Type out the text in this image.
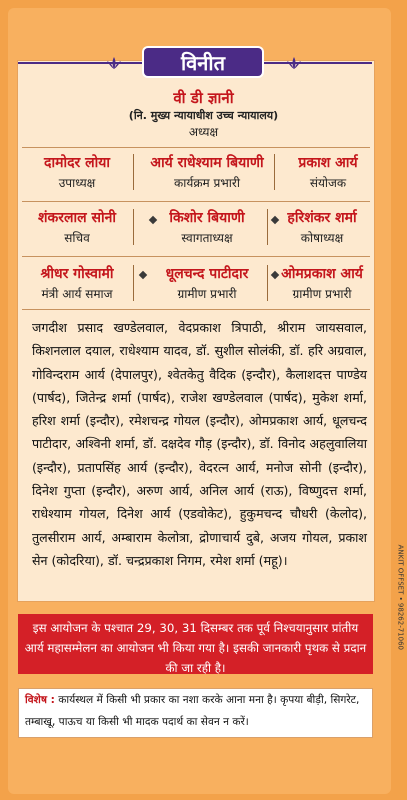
विनीत
वी डी ज्ञानी
(नि. मुख्य न्यायाधीश उच्च न्यायालय)
अध्यक्ष
दामोदर लोया
उपाध्यक्ष
आर्य राधेश्याम बियाणी
कार्यक्रम प्रभारी
प्रकाश आर्य
संयोजक
शंकरलाल सोनी
सचिव
किशोर बियाणी
स्वागताध्यक्ष
हरिशंकर शर्मा
कोषाध्यक्ष
श्रीधर गोस्वामी
मंत्री आर्य समाज
धूलचन्द पाटीदार
ग्रामीण प्रभारी
ओमप्रकाश आर्य
ग्रामीण प्रभारी
जगदीश प्रसाद खण्डेलवाल, वेदप्रकाश त्रिपाठी, श्रीराम जायसवाल, किशनलाल दयाल, राधेश्याम यादव, डॉ. सुशील सोलंकी, डॉ. हरि अग्रवाल, गोविन्दराम आर्य (देपालपुर), श्वेतकेतु वैदिक (इन्दौर), कैलाशदत्त पाण्डेय (पार्षद), जितेन्द्र शर्मा (पार्षद), राजेश खण्डेलवाल (पार्षद), मुकेश शर्मा, हरिश शर्मा (इन्दौर), रमेशचन्द्र गोयल (इन्दौर), ओमप्रकाश आर्य, धूलचन्द पाटीदार, अश्विनी शर्मा, डॉ. दक्षदेव गौड़ (इन्दौर), डॉ. विनोद अहलुवालिया (इन्दौर), प्रतापसिंह आर्य (इन्दौर), वेदरत्न आर्य, मनोज सोनी (इन्दौर), दिनेश गुप्ता (इन्दौर), अरुण आर्य, अनिल आर्य (राऊ), विष्णुदत्त शर्मा, राधेश्याम गोयल, दिनेश आर्य (एडवोकेट), हुकुमचन्द चौधरी (केलोद), तुलसीराम आर्य, अम्बाराम केलोत्रा, द्रोणाचार्य दुबे, अजय गोयल, प्रकाश सेन (कोदरिया), डॉ. चन्द्रप्रकाश निगम, रमेश शर्मा (महू)।
इस आयोजन के पश्चात 29, 30, 31 दिसम्बर तक पूर्व निश्चयानुसार प्रांतीय आर्य महासम्मेलन का आयोजन भी किया गया है। इसकी जानकारी पृथक से प्रदान की जा रही है।
विशेष : कार्यस्थल में किसी भी प्रकार का नशा करके आना मना है। कृपया बीड़ी, सिगरेट, तम्बाखू, पाऊच या किसी भी मादक पदार्थ का सेवन न करें।
ANKIT OFFSET • 98262-71060
